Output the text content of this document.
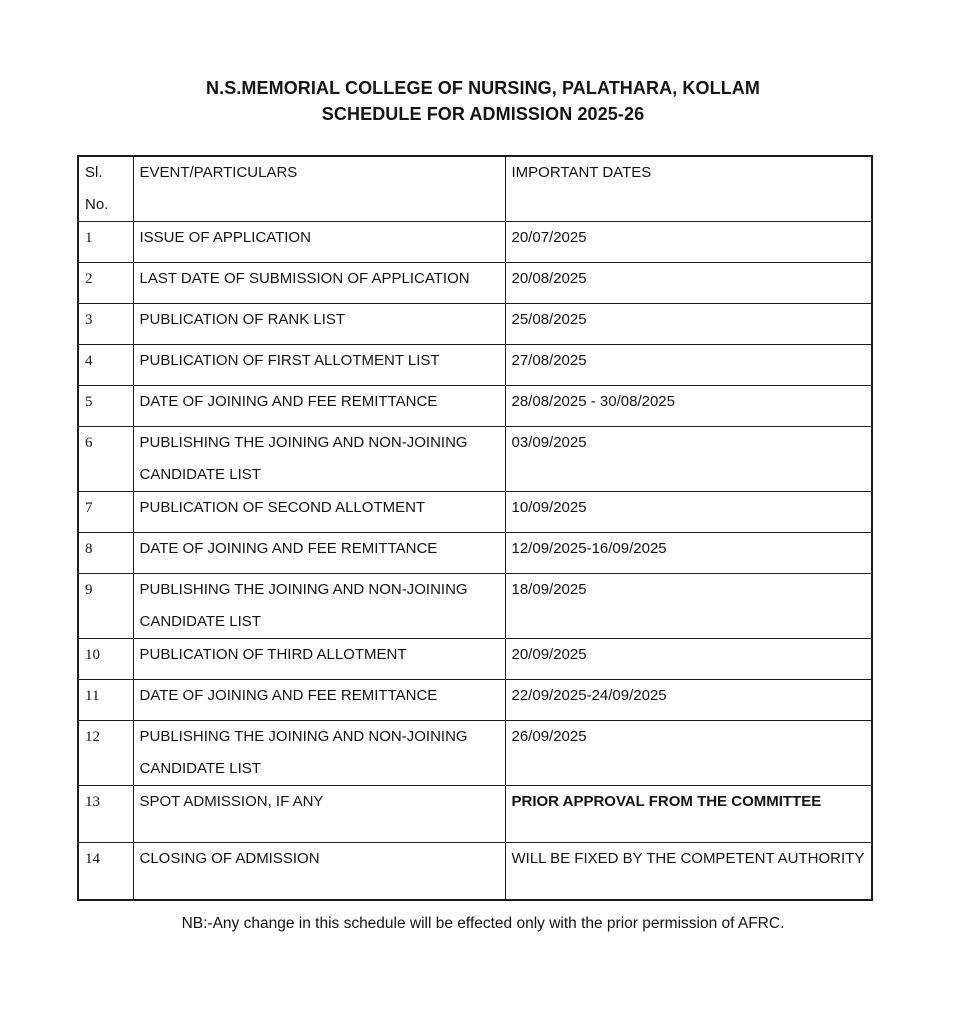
N.S.MEMORIAL COLLEGE OF NURSING, PALATHARA, KOLLAM
SCHEDULE FOR ADMISSION 2025-26
Sl. No.	EVENT/PARTICULARS	IMPORTANT DATES

1	ISSUE OF APPLICATION	20/07/2025

2	LAST DATE OF SUBMISSION OF APPLICATION	20/08/2025

3	PUBLICATION OF RANK LIST	25/08/2025

4	PUBLICATION OF FIRST ALLOTMENT LIST	27/08/2025

5	DATE OF JOINING AND FEE REMITTANCE	28/08/2025 - 30/08/2025

6	PUBLISHING THE JOINING AND NON-JOINING CANDIDATE LIST	03/09/2025

7	PUBLICATION OF SECOND ALLOTMENT	10/09/2025

8	DATE OF JOINING AND FEE REMITTANCE	12/09/2025-16/09/2025

9	PUBLISHING THE JOINING AND NON-JOINING CANDIDATE LIST	18/09/2025

10	PUBLICATION OF THIRD ALLOTMENT	20/09/2025

11	DATE OF JOINING AND FEE REMITTANCE	22/09/2025-24/09/2025

12	PUBLISHING THE JOINING AND NON-JOINING CANDIDATE LIST	26/09/2025

13	SPOT ADMISSION, IF ANY	PRIOR APPROVAL FROM THE COMMITTEE

14	CLOSING OF ADMISSION	WILL BE FIXED BY THE COMPETENT AUTHORITY
NB:-Any change in this schedule will be effected only with the prior permission of AFRC.
